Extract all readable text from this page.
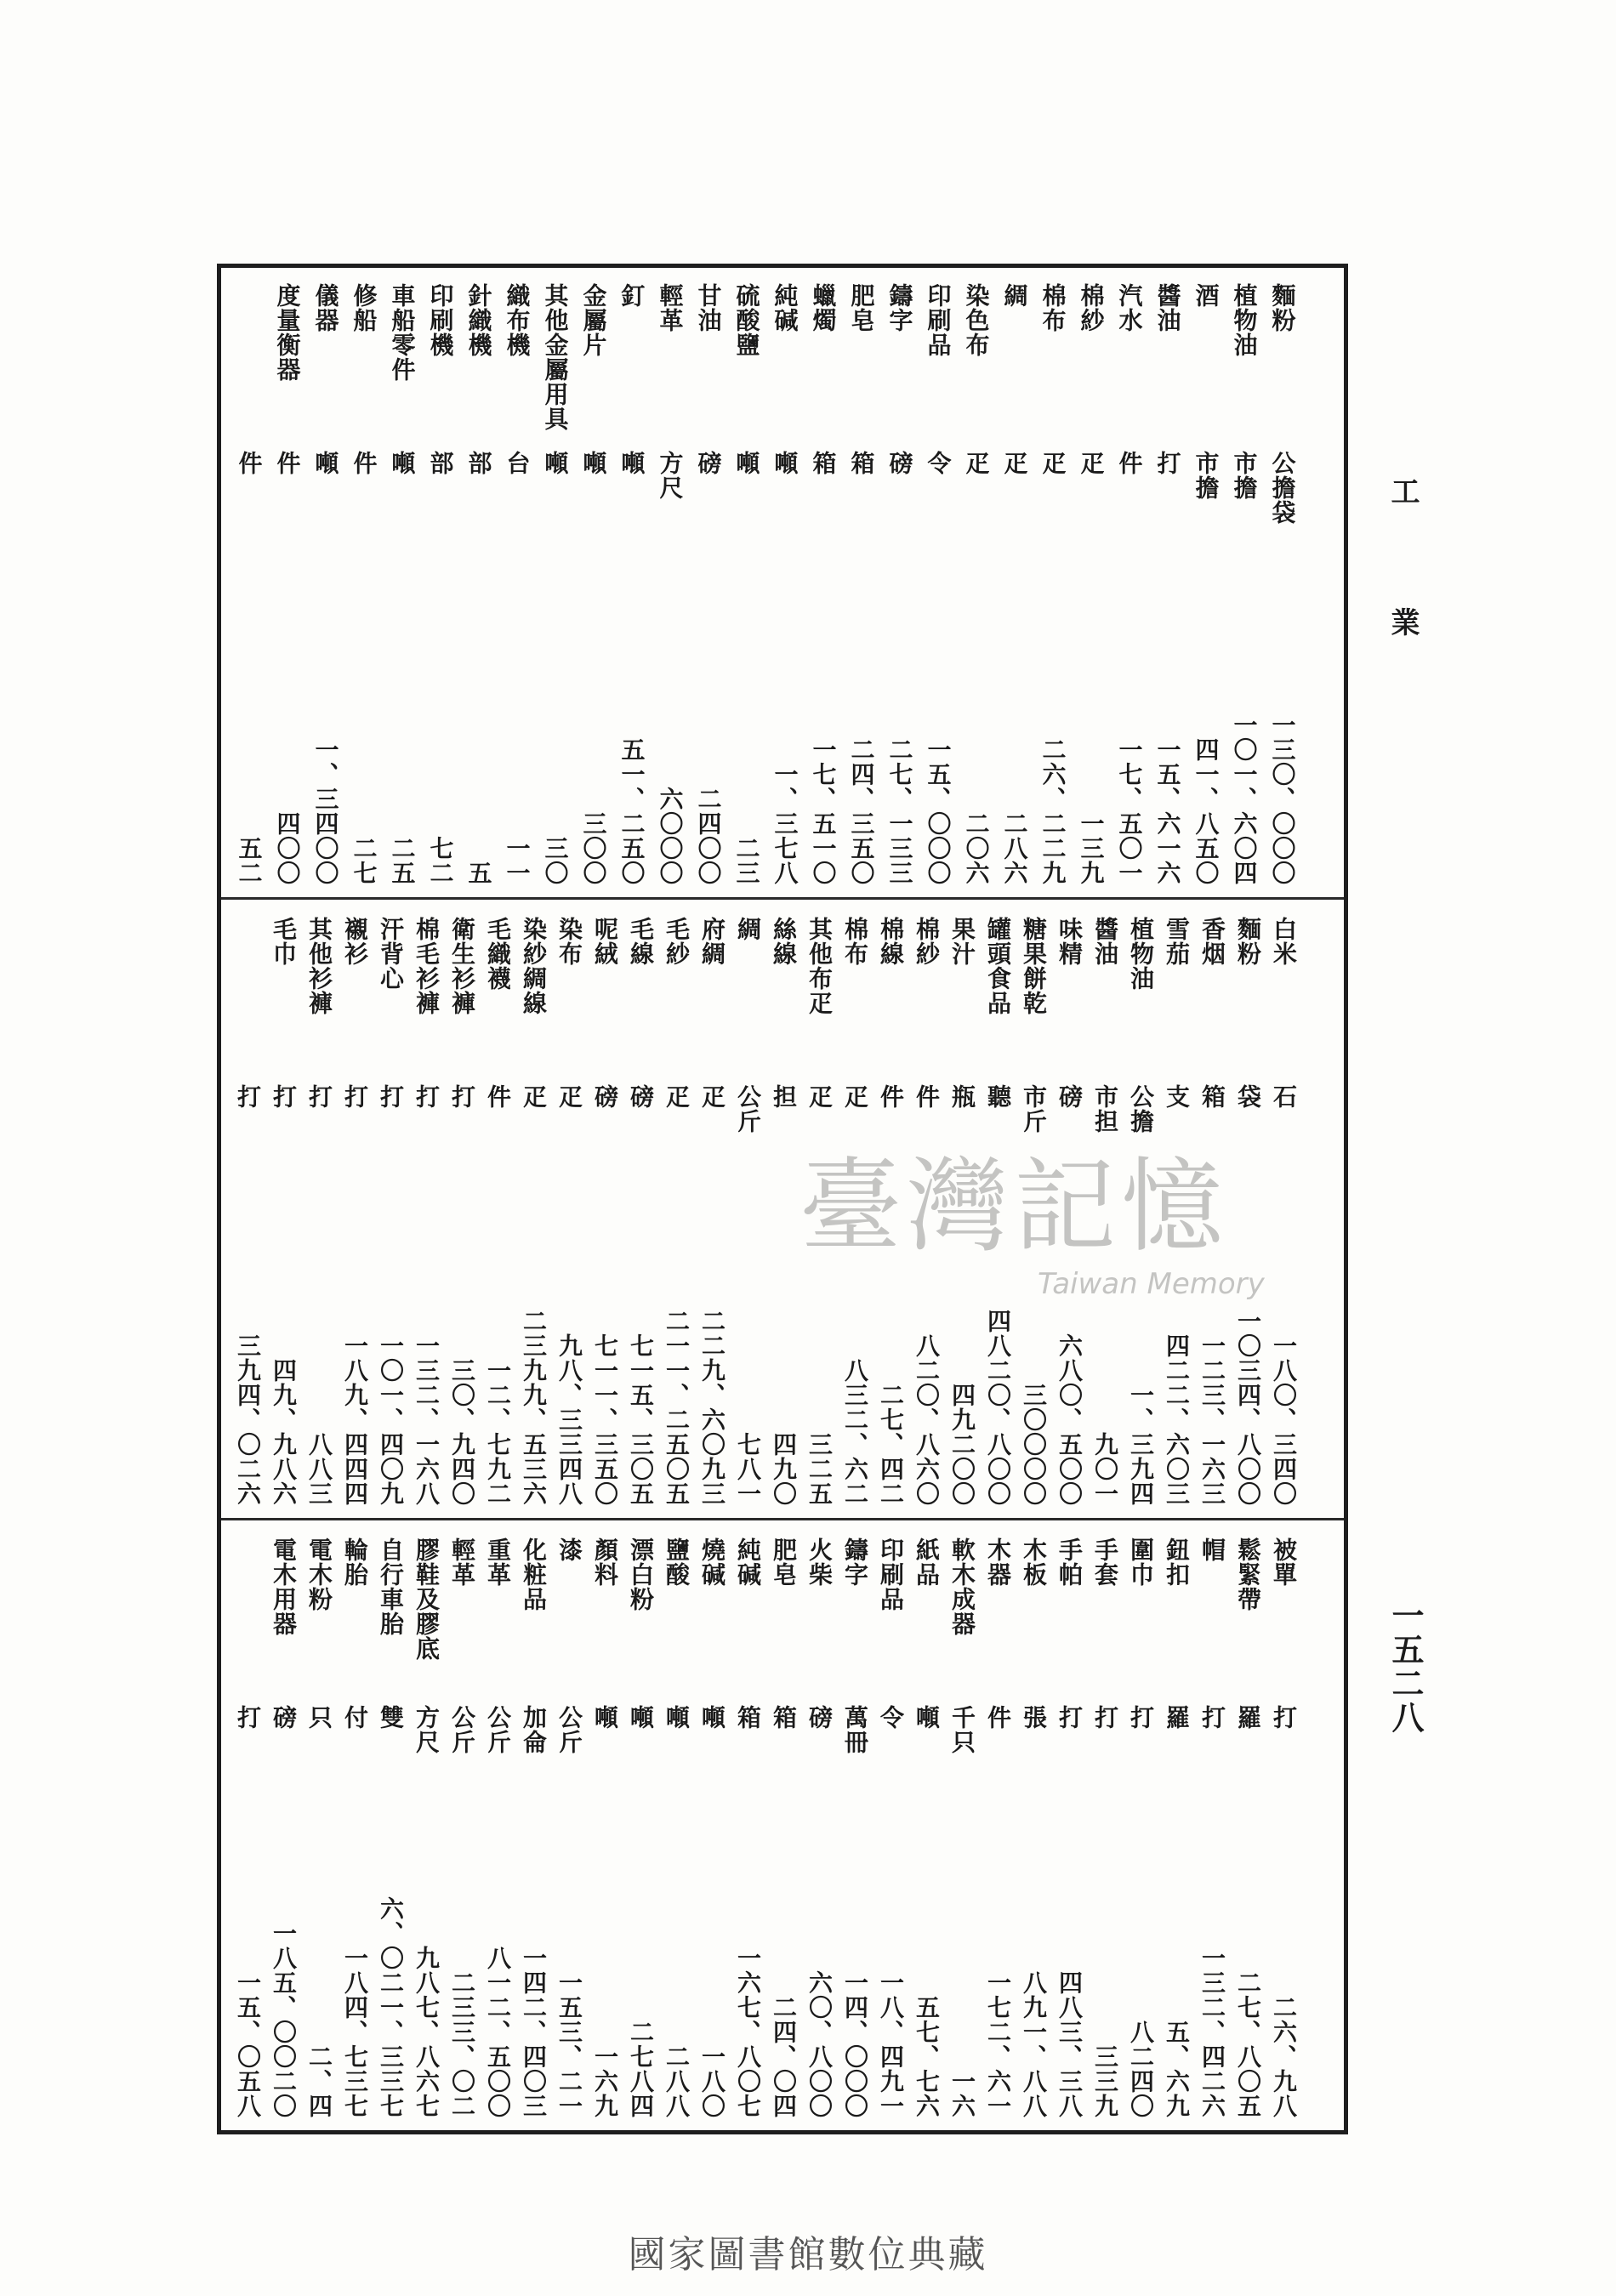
麵粉
公擔袋
一三〇、〇〇〇
植物油
市擔
一〇一、六〇四
酒
市擔
四一、八五〇
醬油
打
一五、六一六
汽水
件
一七、五〇一
棉紗
疋
一三九
棉布
疋
二六、二二九
綢
疋
二八六
染色布
疋
二〇六
印刷品
令
一五、〇〇〇
鑄字
磅
二七、一三三
肥皂
箱
二四、三五〇
蠟燭
箱
一七、五一〇
純碱
噸
一、三七八
硫酸鹽
噸
二三
甘油
磅
二四〇〇
輕革
方尺
六〇〇〇
釘
噸
五一、二五〇
金屬片
噸
三〇〇
其他金屬用具
噸
三〇
織布機
台
一一
針織機
部
五
印刷機
部
七二
車船零件
噸
二五
修船
件
二七
儀器
噸
一、三四〇〇
度量衡器
件
四〇〇
件
五二
白米
石
一八〇、三四〇
麵粉
袋
一〇三四、八〇〇
香烟
箱
一二三、一六三
雪茄
支
四二二、六〇三
植物油
公擔
一、三九四
醬油
市担
九〇一
味精
磅
六八〇、五〇〇
糖果餅乾
市斤
三〇〇〇〇
罐頭食品
聽
四八二〇、八〇〇
果汁
瓶
四九二〇〇
棉紗
件
八二〇、八六〇
棉線
件
二七、四二
棉布
疋
八三二、六二
其他布疋
疋
三二五
絲線
担
四九〇
綢
公斤
七八一
府綢
疋
二二九、六〇九三
毛紗
疋
二一一、二五〇五
毛線
磅
七一五、三〇五
呢絨
磅
七一一、三五〇
染布
疋
九八、三三四八
染紗綢線
疋
二三九九、五三六
毛織襪
件
一二、七九二
衛生衫褲
打
三〇、九四〇
棉毛衫褲
打
一三二、一六八
汗背心
打
一〇一、四〇九
襯衫
打
一八九、四四四
其他衫褲
打
八八三
毛巾
打
四九、九八六
打
三九四、〇二六
被單
打
二六、九八
鬆緊帶
羅
二七、八〇五
帽
打
一三二、四二六
鈕扣
羅
五、六九
圍巾
打
八二四〇
手套
打
三三九
手帕
打
四八三、三八
木板
張
八九一、八八
木器
件
一七二、六一
軟木成器
千只
一六
紙品
噸
五七、七六
印刷品
令
一八、四九一
鑄字
萬冊
一四、〇〇〇
火柴
磅
六〇、八〇〇
肥皂
箱
二四、〇四
純碱
箱
一六七、八〇七
燒碱
噸
一八〇
鹽酸
噸
二八八
漂白粉
噸
二七八四
顏料
噸
一六九
漆
公斤
一五三、二一
化粧品
加侖
一四二、四〇三
重革
公斤
八一二、五〇〇
輕革
公斤
二三三、〇二
膠鞋及膠底
方尺
九八七、八六七
自行車胎
雙
六、〇二一、三三七
輪胎
付
一八四、七三七
電木粉
只
二、四
電木用器
磅
一八五、〇〇二〇
打
一五、〇五八
工業
一五二八
臺灣記憶
Taiwan Memory
國家圖書館數位典藏
